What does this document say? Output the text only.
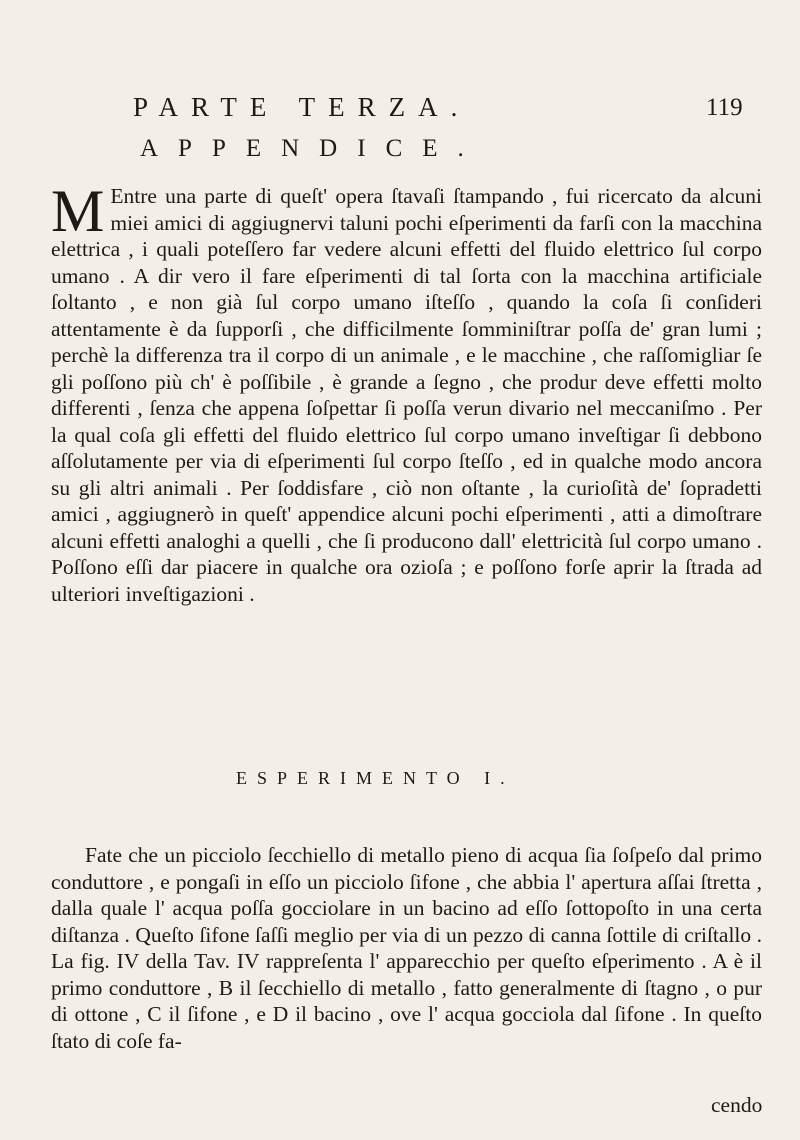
PARTE TERZA.	119
APPENDICE.
M Entre una parte di queſt' opera ſtavaſi ſtampando , fui ricercato da alcuni miei amici di aggiugnervi taluni pochi eſperimenti da farſi con la macchina elettrica , i quali poteſſero far vedere alcuni effetti del fluido elettrico ſul corpo umano . A dir vero il fare eſperimenti di tal ſorta con la macchina artificiale ſoltanto , e non già ſul corpo umano iſteſſo , quando la coſa ſi conſideri attentamente è da ſupporſi , che difficilmente ſomminiſtrar poſſa de' gran lumi ; perchè la differenza tra il corpo di un animale , e le macchine , che raſſomigliar ſe gli poſſono più ch' è poſſibile , è grande a ſegno , che produr deve effetti molto differenti , ſenza che appena ſoſpettar ſi poſſa verun divario nel meccaniſmo . Per la qual coſa gli effetti del fluido elettrico ſul corpo umano inveſtigar ſi debbono aſſolutamente per via di eſperimenti ſul corpo ſteſſo , ed in qualche modo ancora su gli altri animali . Per ſoddisfare , ciò non oſtante , la curioſità de' ſopradetti amici , aggiugnerò in queſt' appendice alcuni pochi eſperimenti , atti a dimoſtrare alcuni effetti analoghi a quelli , che ſi producono dall' elettricità ſul corpo umano . Poſſono eſſi dar piacere in qualche ora ozioſa ; e poſſono forſe aprir la ſtrada ad ulteriori inveſtigazioni .
ESPERIMENTO I.
Fate che un picciolo ſecchiello di metallo pieno di acqua ſia ſoſpeſo dal primo conduttore , e pongaſi in eſſo un picciolo ſifone , che abbia l' apertura aſſai ſtretta , dalla quale l' acqua poſſa gocciolare in un bacino ad eſſo ſottopoſto in una certa diſtanza . Queſto ſifone ſaſſi meglio per via di un pezzo di canna ſottile di criſtallo . La fig. IV della Tav. IV rappreſenta l' apparecchio per queſto eſperimento . A è il primo conduttore , B il ſecchiello di metallo , fatto generalmente di ſtagno , o pur di ottone , C il ſifone , e D il bacino , ove l' acqua gocciola dal ſifone . In queſto ſtato di coſe fa-
cendo
